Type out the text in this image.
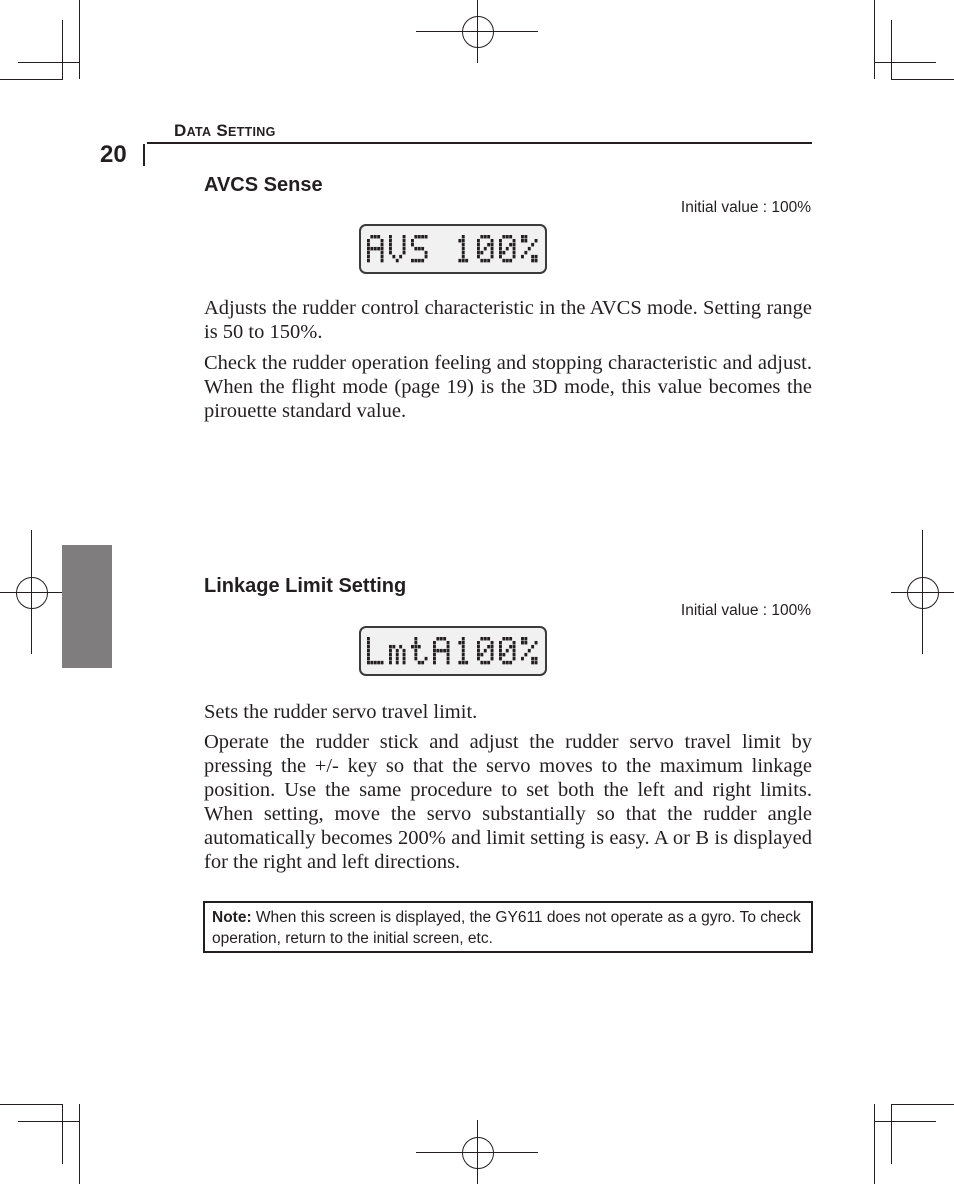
DATA SETTING
20
AVCS Sense
Initial value : 100%
Adjusts the rudder control characteristic in the AVCS mode. Setting range is 50 to 150%.
Check the rudder operation feeling and stopping characteristic and adjust. When the flight mode (page 19) is the 3D mode, this value becomes the pirouette standard value.
Linkage Limit Setting
Initial value : 100%
Sets the rudder servo travel limit.
Operate the rudder stick and adjust the rudder servo travel limit by pressing the +/- key so that the servo moves to the maximum linkage position. Use the same procedure to set both the left and right limits. When setting, move the servo substantially so that the rudder angle automatically becomes 200% and limit setting is easy. A or B is displayed for the right and left directions.
Note: When this screen is displayed, the GY611 does not operate as a gyro. To check operation, return to the initial screen, etc.
